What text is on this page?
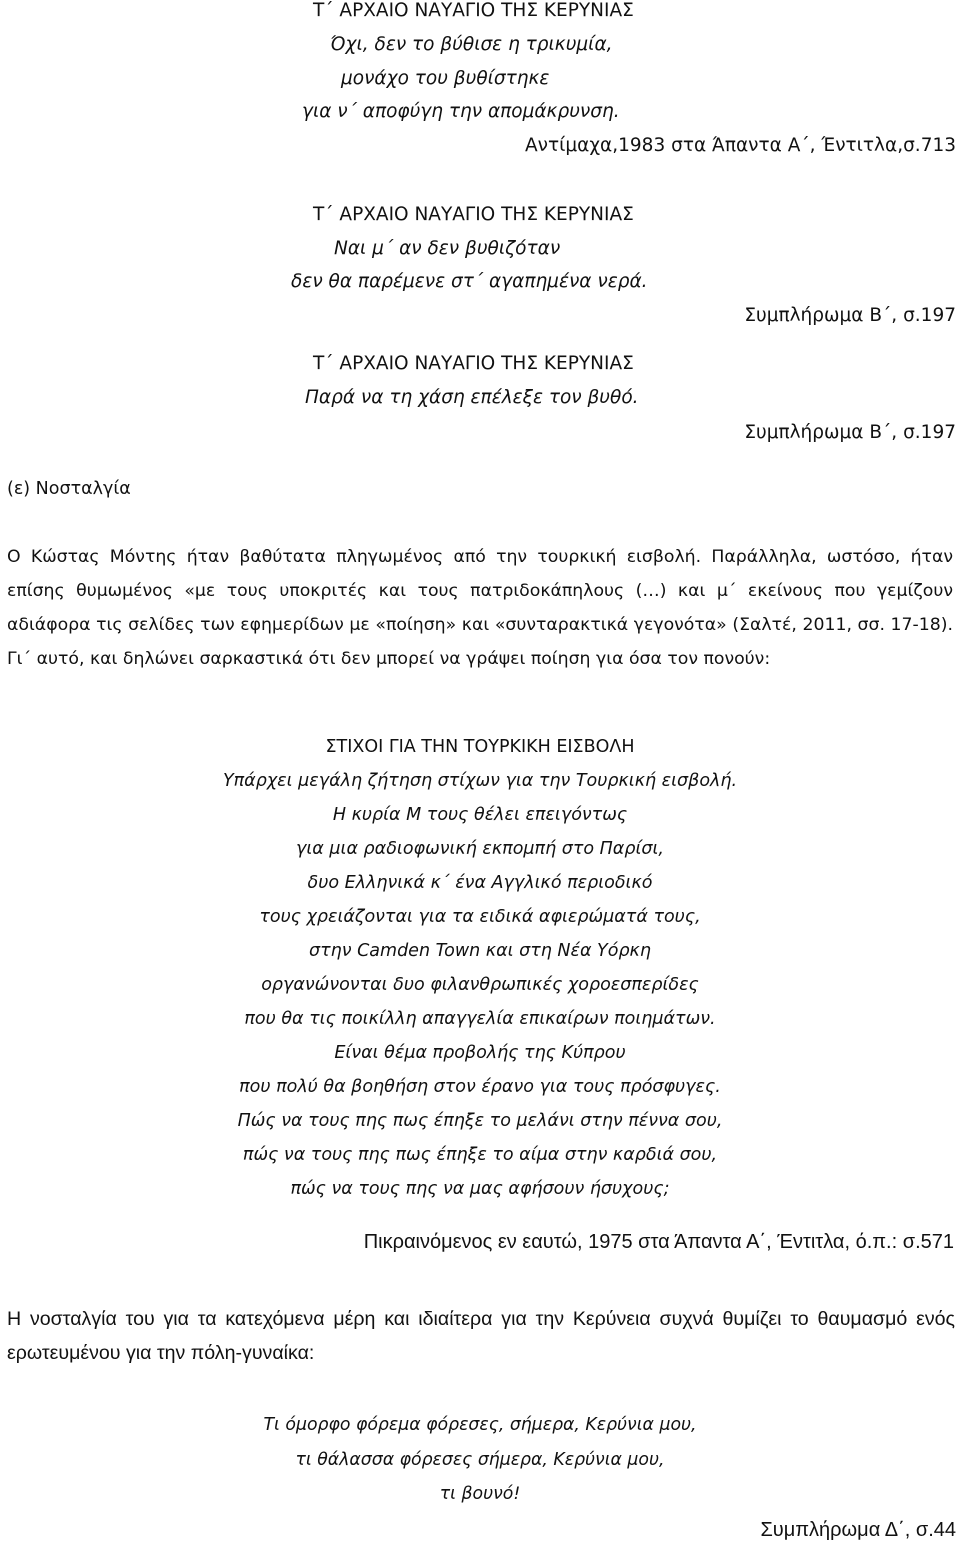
Τ΄ ΑΡΧΑΙΟ ΝΑΥΑΓΙΟ ΤΗΣ ΚΕΡΥΝΙΑΣ
Όχι, δεν το βύθισε η τρικυμία,
μονάχο του βυθίστηκε
για ν΄ αποφύγη την απομάκρυνση.
Αντίμαχα,1983 στα Άπαντα Α΄, Έντιτλα,σ.713
Τ΄ ΑΡΧΑΙΟ ΝΑΥΑΓΙΟ ΤΗΣ ΚΕΡΥΝΙΑΣ
Ναι μ΄ αν δεν βυθιζόταν
δεν θα παρέμενε στ΄ αγαπημένα νερά.
Συμπλήρωμα Β΄, σ.197
Τ΄ ΑΡΧΑΙΟ ΝΑΥΑΓΙΟ ΤΗΣ ΚΕΡΥΝΙΑΣ
Παρά να τη χάση επέλεξε τον βυθό.
Συμπλήρωμα Β΄, σ.197
(ε) Νοσταλγία
Ο Κώστας Μόντης ήταν βαθύτατα πληγωμένος από την τουρκική εισβολή. Παράλληλα, ωστόσο, ήταν επίσης θυμωμένος «με τους υποκριτές και τους πατριδοκάπηλους (…) και μ΄ εκείνους που γεμίζουν αδιάφορα τις σελίδες των εφημερίδων με «ποίηση» και «συνταρακτικά γεγονότα» (Σαλτέ, 2011, σσ. 17-18). Γι΄ αυτό, και δηλώνει σαρκαστικά ότι δεν μπορεί να γράψει ποίηση για όσα τον πονούν:
ΣΤΙΧΟΙ ΓΙΑ ΤΗΝ ΤΟΥΡΚΙΚΗ ΕΙΣΒΟΛΗ
Υπάρχει μεγάλη ζήτηση στίχων για την Τουρκική εισβολή.
Η κυρία Μ τους θέλει επειγόντως
για μια ραδιοφωνική εκπομπή στο Παρίσι,
δυο Ελληνικά κ΄ ένα Αγγλικό περιοδικό
τους χρειάζονται για τα ειδικά αφιερώματά τους,
στην Camden Town και στη Νέα Υόρκη
οργανώνονται δυο φιλανθρωπικές χοροεσπερίδες
που θα τις ποικίλλη απαγγελία επικαίρων ποιημάτων.
Είναι θέμα προβολής της Κύπρου
που πολύ θα βοηθήση στον έρανο για τους πρόσφυγες.
Πώς να τους πης πως έπηξε το μελάνι στην πέννα σου,
πώς να τους πης πως έπηξε το αίμα στην καρδιά σου,
πώς να τους πης να μας αφήσουν ήσυχους;
Πικραινόμενος εν εαυτώ, 1975 στα Άπαντα Α΄, Έντιτλα, ό.π.: σ.571
Η νοσταλγία του για τα κατεχόμενα μέρη και ιδιαίτερα για την Κερύνεια συχνά θυμίζει το θαυμασμό ενός ερωτευμένου για την πόλη-γυναίκα:
Τι όμορφο φόρεμα φόρεσες, σήμερα, Κερύνια μου,
τι θάλασσα φόρεσες σήμερα, Κερύνια μου,
τι βουνό!
Συμπλήρωμα Δ΄, σ.44
